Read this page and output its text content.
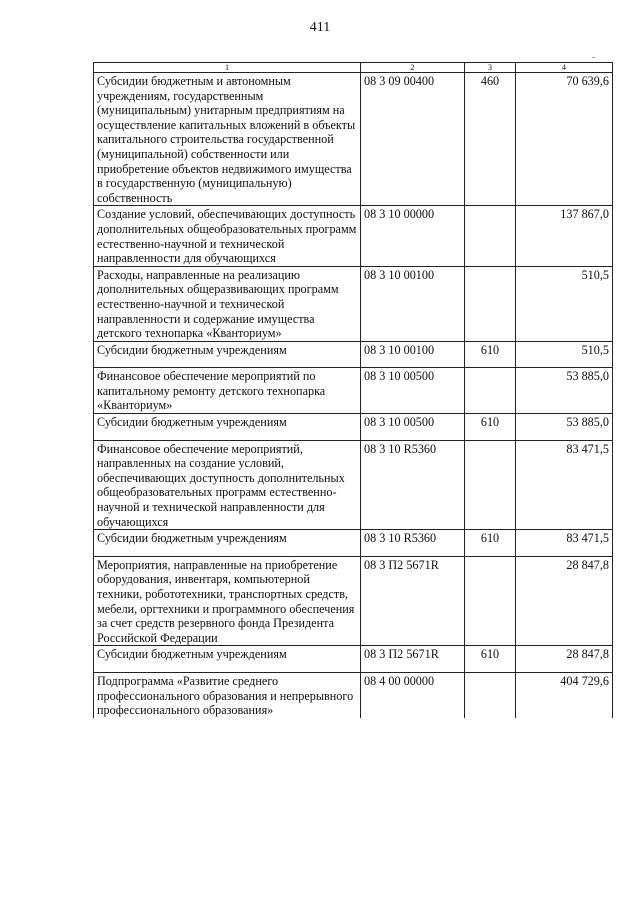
411
-
1	2	3	4
Субсидии бюджетным и автономным учреждениям, государственным (муниципальным) унитарным предприятиям на осуществление капитальных вложений в объекты капитального строительства государственной (муниципальной) собственности или приобретение объектов недвижимого имущества в государственную (муниципальную) собственность	08 3 09 00400	460	70 639,6
Создание условий, обеспечивающих доступность дополнительных общеобразовательных программ естественно-научной и технической направленности для обучающихся	08 3 10 00000		137 867,0
Расходы, направленные на реализацию дополнительных общеразвивающих программ естественно-научной и технической направленности и содержание имущества детского технопарка «Кванториум»	08 3 10 00100		510,5
Субсидии бюджетным учреждениям	08 3 10 00100	610	510,5

Финансовое обеспечение мероприятий по капитальному ремонту детского технопарка «Кванториум»	08 3 10 00500		53 885,0
Субсидии бюджетным учреждениям	08 3 10 00500	610	53 885,0

Финансовое обеспечение мероприятий, направленных на создание условий, обеспечивающих доступность дополнительных общеобразовательных программ естественно-научной и технической направленности для обучающихся	08 3 10 R5360		83 471,5
Субсидии бюджетным учреждениям	08 3 10 R5360	610	83 471,5

Мероприятия, направленные на приобретение оборудования, инвентаря, компьютерной техники, робототехники, транспортных средств, мебели, оргтехники и программного обеспечения за счет средств резервного фонда Президента Российской Федерации	08 3 П2 5671R		28 847,8
Субсидии бюджетным учреждениям	08 3 П2 5671R	610	28 847,8

Подпрограмма «Развитие среднего профессионального образования и непрерывного профессионального образования»	08 4 00 00000		404 729,6
